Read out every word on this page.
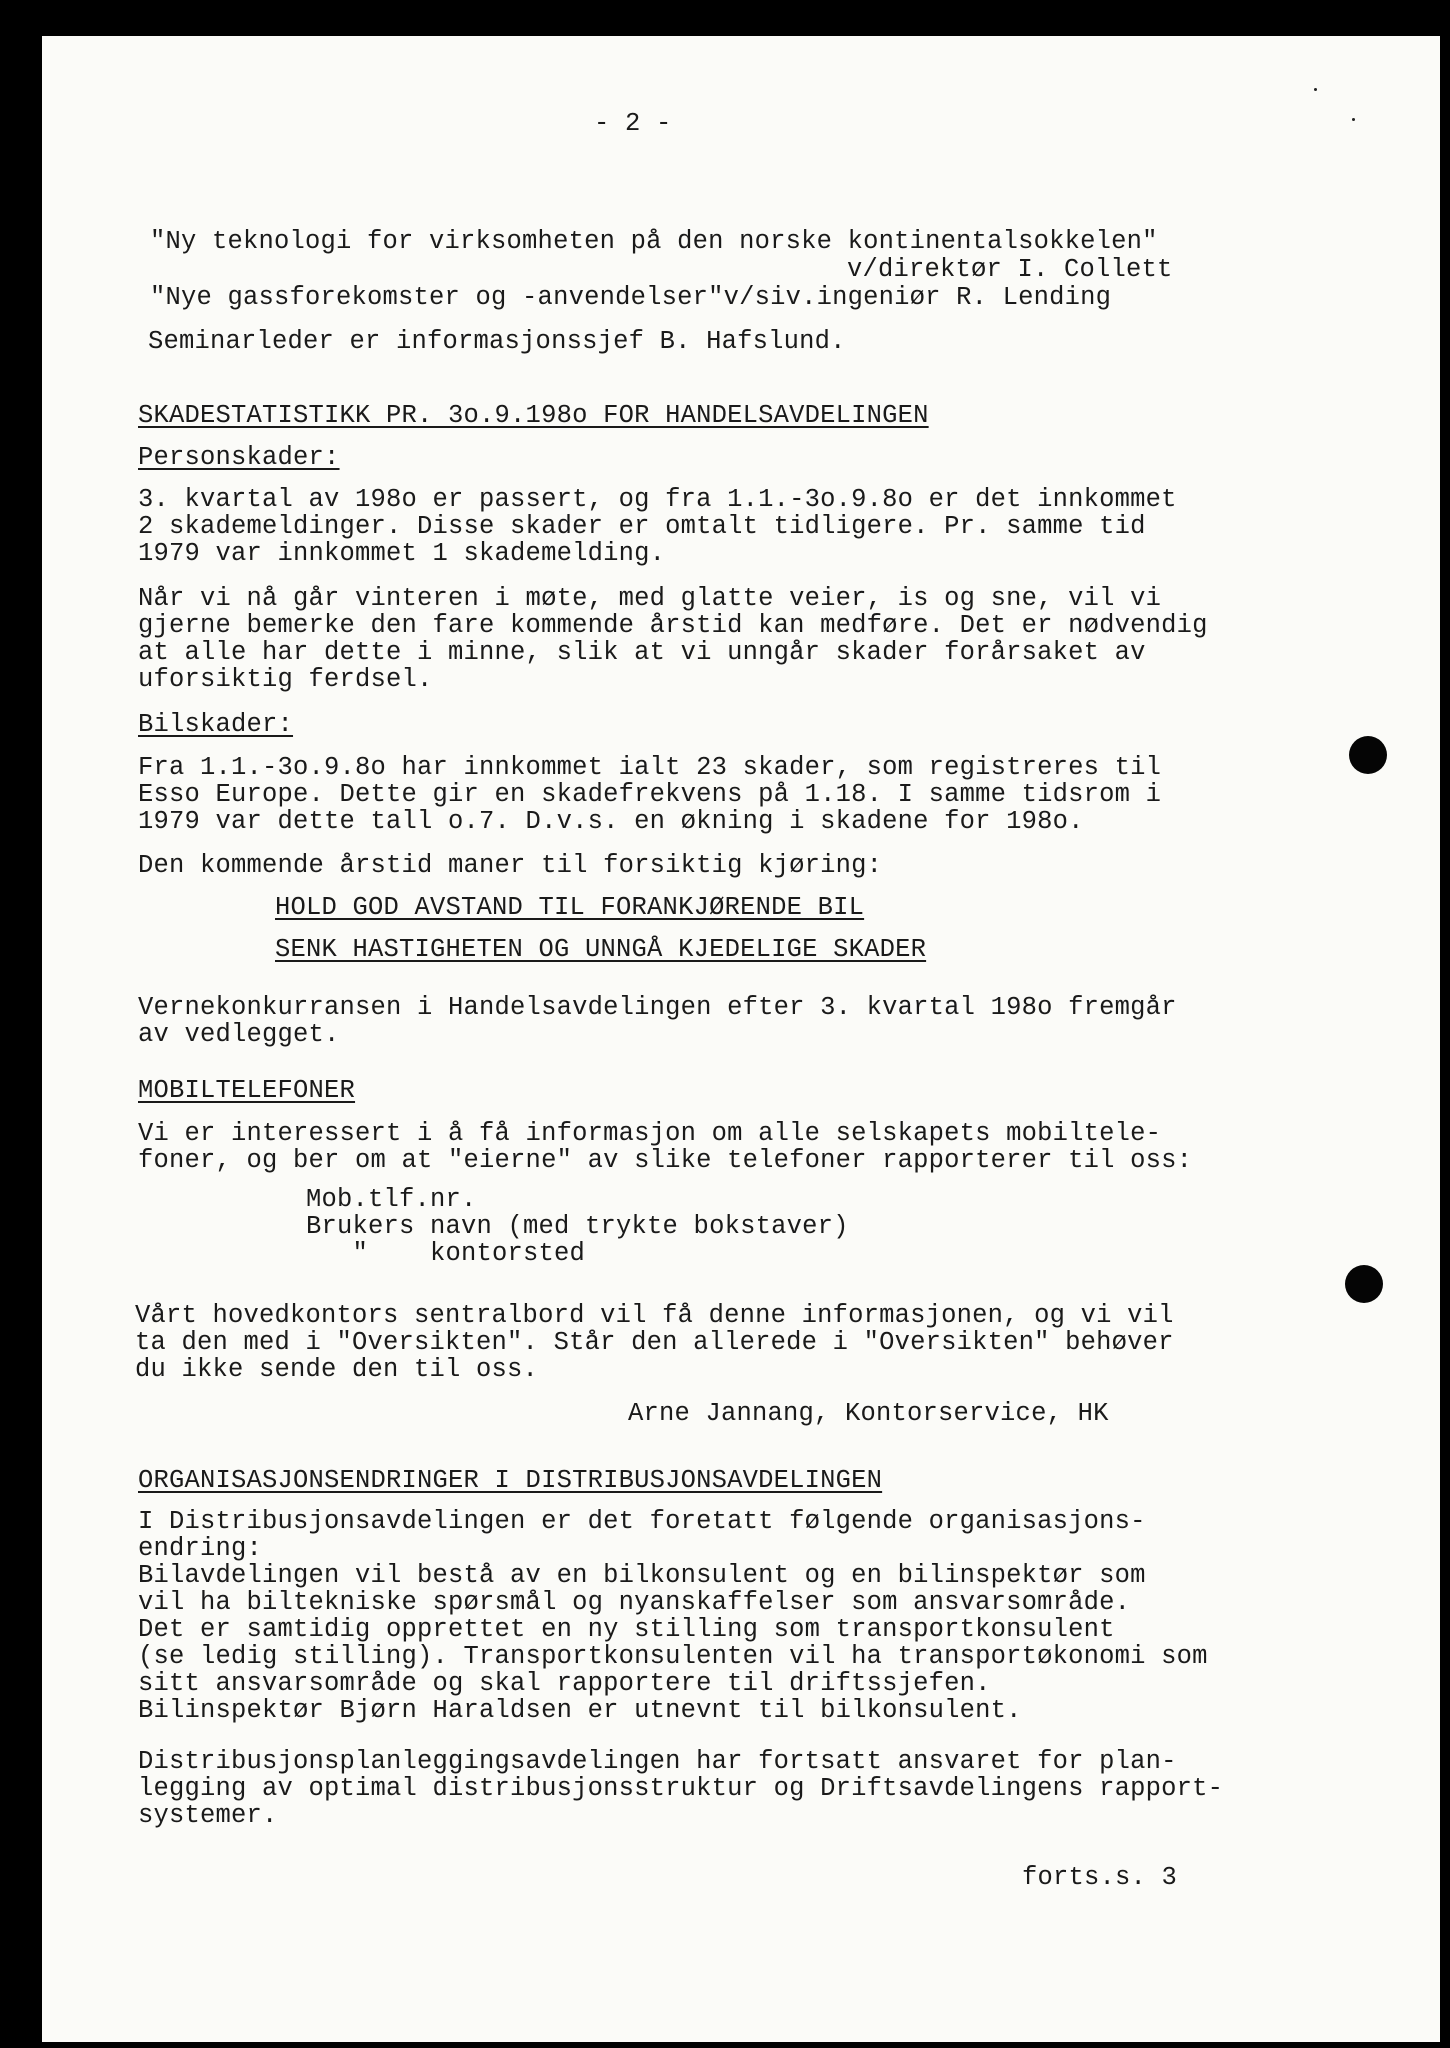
- 2 -

"Ny teknologi for virksomheten på den norske kontinentalsokkelen"

v/direktør I. Collett

"Nye gassforekomster og -anvendelser"v/siv.ingeniør R. Lending

Seminarleder er informasjonssjef B. Hafslund.

SKADESTATISTIKK PR. 3o.9.198o FOR HANDELSAVDELINGEN

Personskader:

3. kvartal av 198o er passert, og fra 1.1.-3o.9.8o er det innkommet
2 skademeldinger. Disse skader er omtalt tidligere. Pr. samme tid
1979 var innkommet 1 skademelding.

Når vi nå går vinteren i møte, med glatte veier, is og sne, vil vi
gjerne bemerke den fare kommende årstid kan medføre. Det er nødvendig
at alle har dette i minne, slik at vi unngår skader forårsaket av
uforsiktig ferdsel.

Bilskader:

Fra 1.1.-3o.9.8o har innkommet ialt 23 skader, som registreres til
Esso Europe. Dette gir en skadefrekvens på 1.18. I samme tidsrom i
1979 var dette tall o.7. D.v.s. en økning i skadene for 198o.

Den kommende årstid maner til forsiktig kjøring:

HOLD GOD AVSTAND TIL FORANKJØRENDE BIL

SENK HASTIGHETEN OG UNNGÅ KJEDELIGE SKADER

Vernekonkurransen i Handelsavdelingen efter 3. kvartal 198o fremgår
av vedlegget.

MOBILTELEFONER

Vi er interessert i å få informasjon om alle selskapets mobiltele-
foner, og ber om at "eierne" av slike telefoner rapporterer til oss:

Mob.tlf.nr.
Brukers navn (med trykte bokstaver)
"    kontorsted

Vårt hovedkontors sentralbord vil få denne informasjonen, og vi vil
ta den med i "Oversikten". Står den allerede i "Oversikten" behøver
du ikke sende den til oss.

Arne Jannang, Kontorservice, HK

ORGANISASJONSENDRINGER I DISTRIBUSJONSAVDELINGEN

I Distribusjonsavdelingen er det foretatt følgende organisasjons-
endring:
Bilavdelingen vil bestå av en bilkonsulent og en bilinspektør som
vil ha biltekniske spørsmål og nyanskaffelser som ansvarsområde.
Det er samtidig opprettet en ny stilling som transportkonsulent
(se ledig stilling). Transportkonsulenten vil ha transportøkonomi som
sitt ansvarsområde og skal rapportere til driftssjefen.
Bilinspektør Bjørn Haraldsen er utnevnt til bilkonsulent.

Distribusjonsplanleggingsavdelingen har fortsatt ansvaret for plan-
legging av optimal distribusjonsstruktur og Driftsavdelingens rapport-
systemer.

forts.s. 3
